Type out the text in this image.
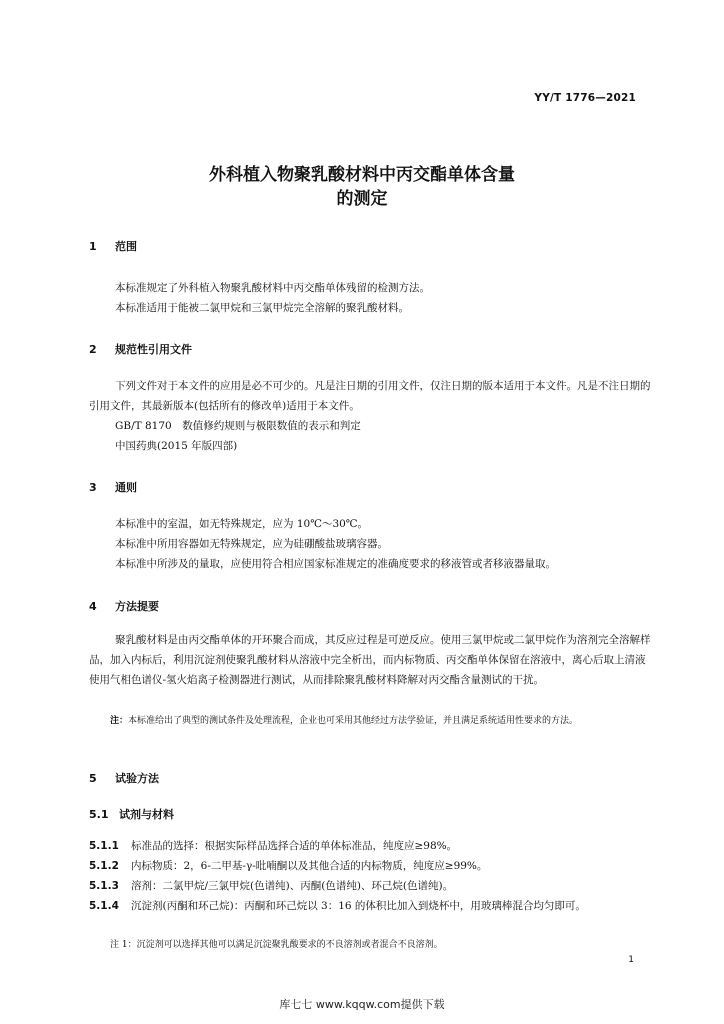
YY/T 1776—2021
外科植入物聚乳酸材料中丙交酯单体含量
的测定
1 范围
本标准规定了外科植入物聚乳酸材料中丙交酯单体残留的检测方法。
本标准适用于能被二氯甲烷和三氯甲烷完全溶解的聚乳酸材料。
2 规范性引用文件
下列文件对于本文件的应用是必不可少的。凡是注日期的引用文件，仅注日期的版本适用于本文件。凡是不注日期的引用文件，其最新版本(包括所有的修改单)适用于本文件。
GB/T 8170　数值修约规则与极限数值的表示和判定
中国药典(2015 年版四部)
3 通则
本标准中的室温，如无特殊规定，应为 10℃～30℃。
本标准中所用容器如无特殊规定，应为硅硼酸盐玻璃容器。
本标准中所涉及的量取，应使用符合相应国家标准规定的准确度要求的移液管或者移液器量取。
4 方法提要
聚乳酸材料是由丙交酯单体的开环聚合而成，其反应过程是可逆反应。使用三氯甲烷或二氯甲烷作为溶剂完全溶解样品，加入内标后，利用沉淀剂使聚乳酸材料从溶液中完全析出，而内标物质、丙交酯单体保留在溶液中，离心后取上清液使用气相色谱仪-氢火焰离子检测器进行测试，从而排除聚乳酸材料降解对丙交酯含量测试的干扰。
注：本标准给出了典型的测试条件及处理流程，企业也可采用其他经过方法学验证，并且满足系统适用性要求的方法。
5 试验方法
5.1 试剂与材料
5.1.1 标准品的选择：根据实际样品选择合适的单体标准品，纯度应≥98%。
5.1.2 内标物质：2，6-二甲基-γ-吡喃酮以及其他合适的内标物质，纯度应≥99%。
5.1.3 溶剂：二氯甲烷/三氯甲烷(色谱纯)、丙酮(色谱纯)、环己烷(色谱纯)。
5.1.4 沉淀剂(丙酮和环己烷)：丙酮和环己烷以 3：16 的体积比加入到烧杯中，用玻璃棒混合均匀即可。
注 1：沉淀剂可以选择其他可以满足沉淀聚乳酸要求的不良溶剂或者混合不良溶剂。
1
库七七 www.kqqw.com提供下载
